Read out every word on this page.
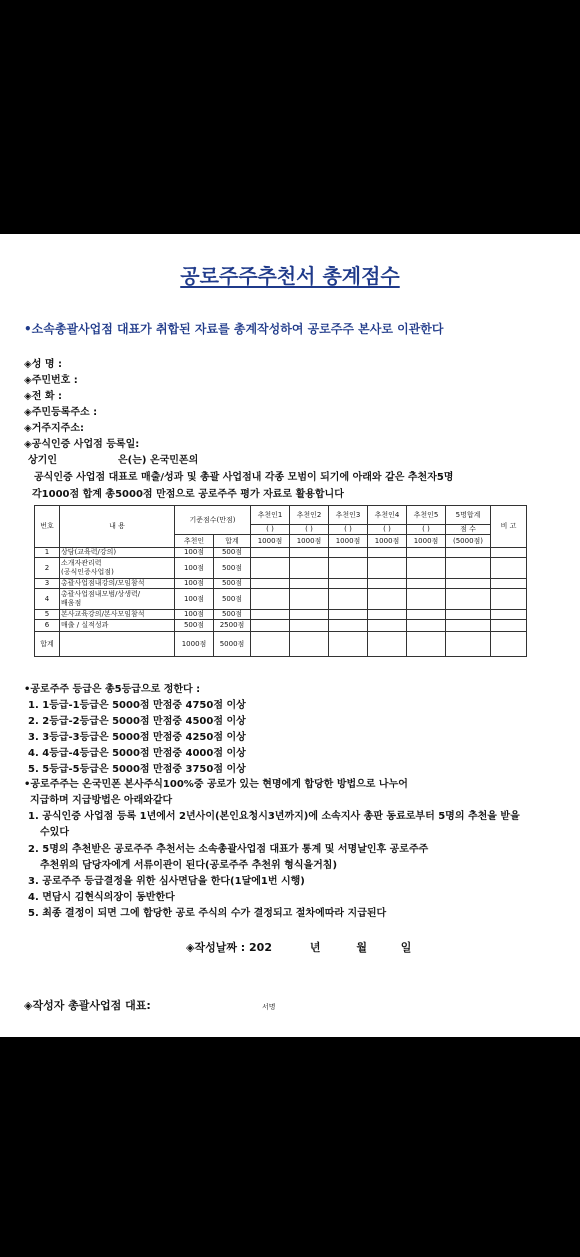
공로주주추천서 총계점수
•소속총괄사업점 대표가 취합된 자료를 총계작성하여 공로주주 본사로 이관한다
◈성 명 :
◈주민번호 :
◈전 화 :
◈주민등록주소 :
◈거주지주소:
◈공식인증 사업점 등록일:
상기인	은(는) 온국민폰의
공식인증 사업점 대표로 매출/성과 및 총괄 사업점내 각종 모범이 되기에 아래와 같은 추천자5명
각1000점 합계 총5000점 만점으로 공로주주 평가 자료로 활용합니다
번호	내 용	기준점수(만점)		추천인1	추천인2	추천인3	추천인4	추천인5	5명합계	비 고
				( )	( )	( )	( )	( )	점 수	
		추천인	합계	1000점	1000점	1000점	1000점	1000점	(5000점)	
1	상담(교육력/강의)	100점	500점							
2	소개자관리력
(공식인증사업점)	100점	500점							
3	총괄사업점내강의/모임참석	100점	500점							
4	총괄사업점내모범/상생력/
배움점	100점	500점							
5	본사교육강의/본사모임참석	100점	500점							
6	매출 / 실적성과	500점	2500점							
합계		1000점	5000점							
•공로주주 등급은 총5등급으로 정한다 :
1. 1등급-1등급은 5000점 만점중 4750점 이상
2. 2등급-2등급은 5000점 만점중 4500점 이상
3. 3등급-3등급은 5000점 만점중 4250점 이상
4. 4등급-4등급은 5000점 만점중 4000점 이상
5. 5등급-5등급은 5000점 만점중 3750점 이상
•공로주주는 온국민폰 본사주식100%중 공로가 있는 현명에게 합당한 방법으로 나누어
지급하며 지급방법은 아래와같다
1. 공식인증 사업점 등록 1년에서 2년사이(본인요청시3년까지)에 소속지사 총판 동료로부터 5명의 추천을 받을
수있다
2. 5명의 추천받은 공로주주 추천서는 소속총괄사업점 대표가 통계 및 서명날인후 공로주주
추천위의 담당자에게 서류이관이 된다(공로주주 추천위 형식을거침)
3. 공로주주 등급결정을 위한 심사면담을 한다(1달에1번 시행)
4. 면담시 김현식의장이 동반한다
5. 최종 결정이 되면 그에 합당한 공로 주식의 수가 결정되고 절차에따라 지급된다
◈작성날짜 : 202	년	월	일
◈작성자 총괄사업점 대표:	서명
